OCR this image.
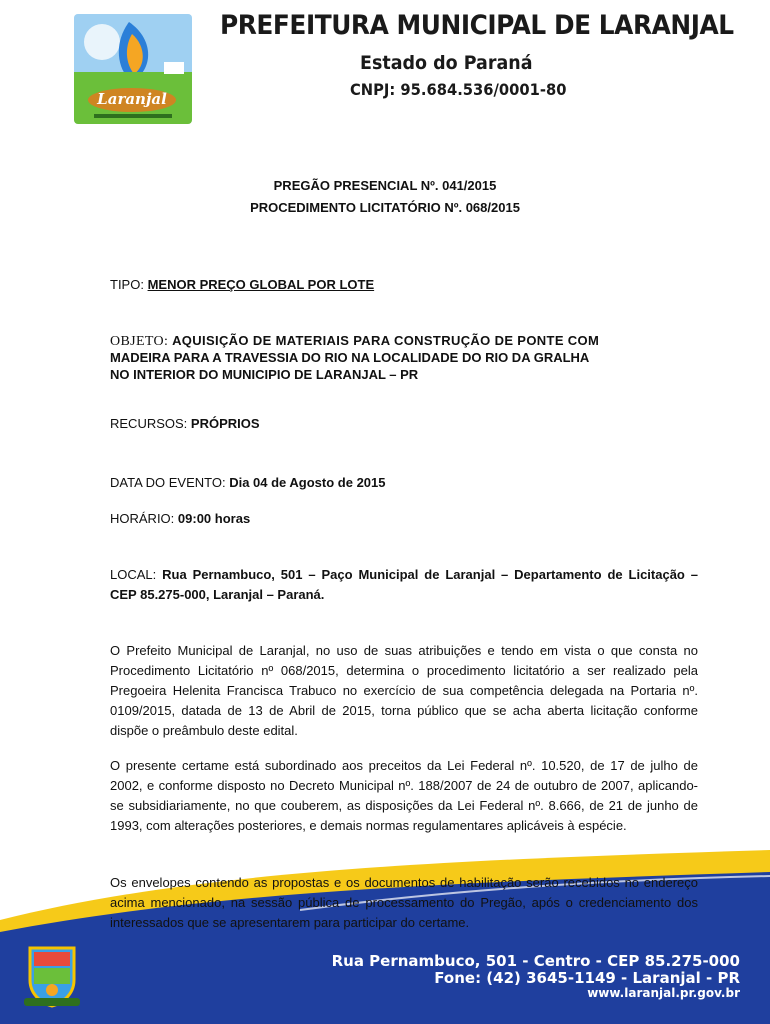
Laranjal
PREFEITURA MUNICIPAL DE LARANJAL
Estado do Paraná
CNPJ: 95.684.536/0001-80
PREGÃO PRESENCIAL Nº. 041/2015
PROCEDIMENTO LICITATÓRIO Nº. 068/2015
TIPO: MENOR PREÇO GLOBAL POR LOTE
OBJETO: AQUISIÇÃO DE MATERIAIS PARA CONSTRUÇÃO DE PONTE COM
MADEIRA PARA A TRAVESSIA DO RIO NA LOCALIDADE DO RIO DA GRALHA
NO INTERIOR DO MUNICIPIO DE LARANJAL – PR
RECURSOS: PRÓPRIOS
DATA DO EVENTO: Dia 04 de Agosto de 2015
HORÁRIO: 09:00 horas
LOCAL: Rua Pernambuco, 501 – Paço Municipal de Laranjal – Departamento de Licitação – CEP 85.275-000, Laranjal – Paraná.
O Prefeito Municipal de Laranjal, no uso de suas atribuições e tendo em vista o que consta no Procedimento Licitatório nº 068/2015, determina o procedimento licitatório a ser realizado pela Pregoeira Helenita Francisca Trabuco no exercício de sua competência delegada na Portaria nº. 0109/2015, datada de 13 de Abril de 2015, torna público que se acha aberta licitação conforme dispõe o preâmbulo deste edital.
O presente certame está subordinado aos preceitos da Lei Federal nº. 10.520, de 17 de julho de 2002, e conforme disposto no Decreto Municipal nº. 188/2007 de 24 de outubro de 2007, aplicando-se subsidiariamente, no que couberem, as disposições da Lei Federal nº. 8.666, de 21 de junho de 1993, com alterações posteriores, e demais normas regulamentares aplicáveis à espécie.
Os envelopes contendo as propostas e os documentos de habilitação serão recebidos no endereço acima mencionado, na sessão pública de processamento do Pregão, após o credenciamento dos interessados que se apresentarem para participar do certame.
Rua Pernambuco, 501 - Centro - CEP 85.275-000
Fone: (42) 3645-1149 - Laranjal - PR
www.laranjal.pr.gov.br
